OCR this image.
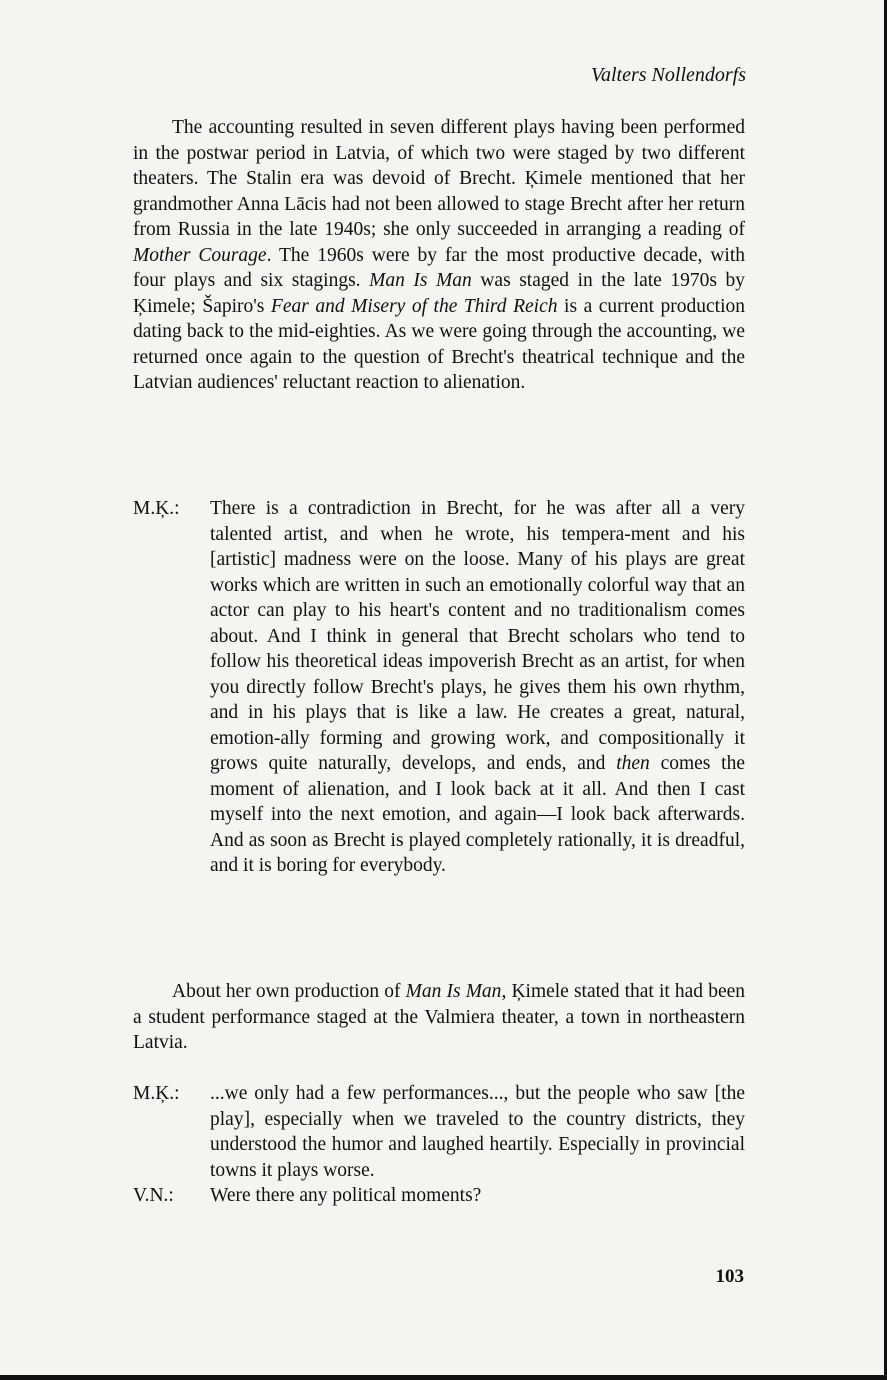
Valters Nollendorfs
The accounting resulted in seven different plays having been performed in the postwar period in Latvia, of which two were staged by two different theaters. The Stalin era was devoid of Brecht. Ķimele mentioned that her grandmother Anna Lācis had not been allowed to stage Brecht after her return from Russia in the late 1940s; she only succeeded in arranging a reading of Mother Courage. The 1960s were by far the most productive decade, with four plays and six stagings. Man Is Man was staged in the late 1970s by Ķimele; Šapiro's Fear and Misery of the Third Reich is a current production dating back to the mid-eighties. As we were going through the accounting, we returned once again to the question of Brecht's theatrical technique and the Latvian audiences' reluctant reaction to alienation.
M.Ķ.:	There is a contradiction in Brecht, for he was after all a very talented artist, and when he wrote, his tempera-ment and his [artistic] madness were on the loose. Many of his plays are great works which are written in such an emotionally colorful way that an actor can play to his heart's content and no traditionalism comes about. And I think in general that Brecht scholars who tend to follow his theoretical ideas impoverish Brecht as an artist, for when you directly follow Brecht's plays, he gives them his own rhythm, and in his plays that is like a law. He creates a great, natural, emotion-ally forming and growing work, and compositionally it grows quite naturally, develops, and ends, and then comes the moment of alienation, and I look back at it all. And then I cast myself into the next emotion, and again—I look back afterwards. And as soon as Brecht is played completely rationally, it is dreadful, and it is boring for everybody.
About her own production of Man Is Man, Ķimele stated that it had been a student performance staged at the Valmiera theater, a town in northeastern Latvia.
M.Ķ.:	...we only had a few performances..., but the people who saw [the play], especially when we traveled to the country districts, they understood the humor and laughed heartily. Especially in provincial towns it plays worse.
V.N.:	Were there any political moments?
103
